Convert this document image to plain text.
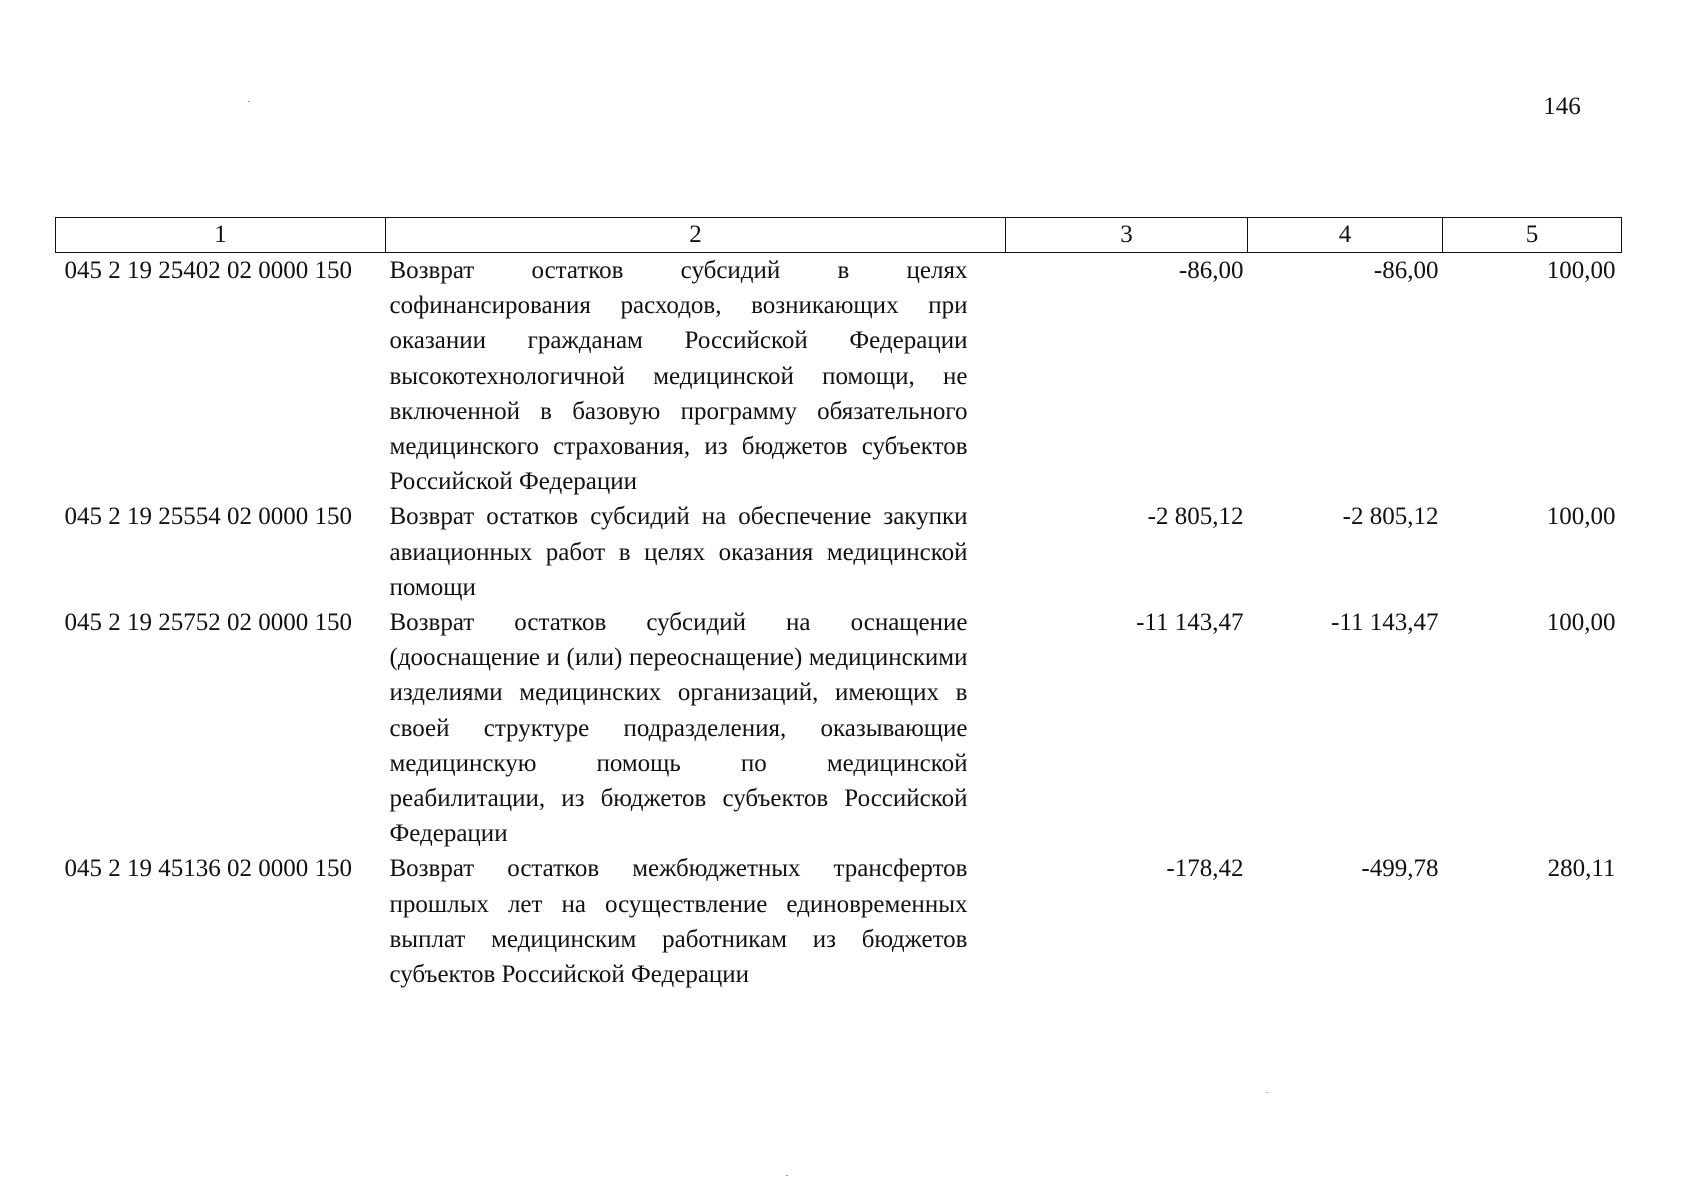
146
1	2	3	4	5
045 2 19 25402 02 0000 150	Возврат остатков субсидий в целях софинансирования расходов, возникающих при оказании гражданам Российской Федерации высокотехнологичной медицинской помощи, не включенной в базовую программу обязательного медицинского страхования, из бюджетов субъектов Российской Федерации	-86,00	-86,00	100,00
045 2 19 25554 02 0000 150	Возврат остатков субсидий на обеспечение закупки авиационных работ в целях оказания медицинской помощи	-2 805,12	-2 805,12	100,00
045 2 19 25752 02 0000 150	Возврат остатков субсидий на оснащение (дооснащение и (или) переоснащение) медицинскими изделиями медицинских организаций, имеющих в своей структуре подразделения, оказывающие медицинскую помощь по медицинской реабилитации, из бюджетов субъектов Российской Федерации	-11 143,47	-11 143,47	100,00
045 2 19 45136 02 0000 150	Возврат остатков межбюджетных трансфертов прошлых лет на осуществление единовременных выплат медицинским работникам из бюджетов субъектов Российской Федерации	-178,42	-499,78	280,11
